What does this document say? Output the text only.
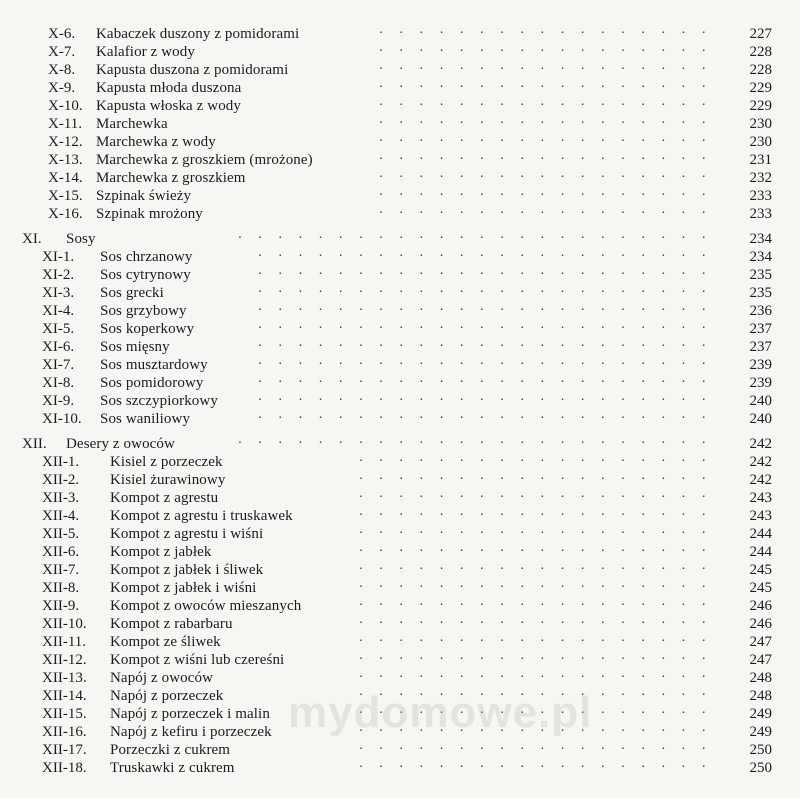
X-6. Kabaczek duszony z pomidorami · · ·	227
X-7. Kalafior z wody · · ·	228
X-8. Kapusta duszona z pomidorami · · ·	228
X-9. Kapusta młoda duszona · · ·	229
X-10. Kapusta włoska z wody · · ·	229
X-11. Marchewka · · ·	230
X-12. Marchewka z wody · · ·	230
X-13. Marchewka z groszkiem (mrożone) · · ·	231
X-14. Marchewka z groszkiem · · ·	232
X-15. Szpinak świeży · · ·	233
X-16. Szpinak mrożony · · ·	233
XI. Sosy · · ·	234
XI-1. Sos chrzanowy · · ·	234
XI-2. Sos cytrynowy · · ·	235
XI-3. Sos grecki · · ·	235
XI-4. Sos grzybowy · · ·	236
XI-5. Sos koperkowy · · ·	237
XI-6. Sos mięsny · · ·	237
XI-7. Sos musztardowy · · ·	239
XI-8. Sos pomidorowy · · ·	239
XI-9. Sos szczypiorkowy · · ·	240
XI-10. Sos waniliowy · · ·	240
XII. Desery z owoców · · ·	242
XII-1. Kisiel z porzeczek · · ·	242
XII-2. Kisiel żurawinowy · · ·	242
XII-3. Kompot z agrestu · · ·	243
XII-4. Kompot z agrestu i truskawek · · ·	243
XII-5. Kompot z agrestu i wiśni · · ·	244
XII-6. Kompot z jabłek · · ·	244
XII-7. Kompot z jabłek i śliwek · · ·	245
XII-8. Kompot z jabłek i wiśni · · ·	245
XII-9. Kompot z owoców mieszanych · · ·	246
XII-10. Kompot z rabarbaru · · ·	246
XII-11. Kompot ze śliwek · · ·	247
XII-12. Kompot z wiśni lub czereśni · · ·	247
XII-13. Napój z owoców · · ·	248
XII-14. Napój z porzeczek · · ·	248
XII-15. Napój z porzeczek i malin · · ·	249
XII-16. Napój z kefiru i porzeczek · · ·	249
XII-17. Porzeczki z cukrem · · ·	250
XII-18. Truskawki z cukrem · · ·	250
mydomowe.pl
